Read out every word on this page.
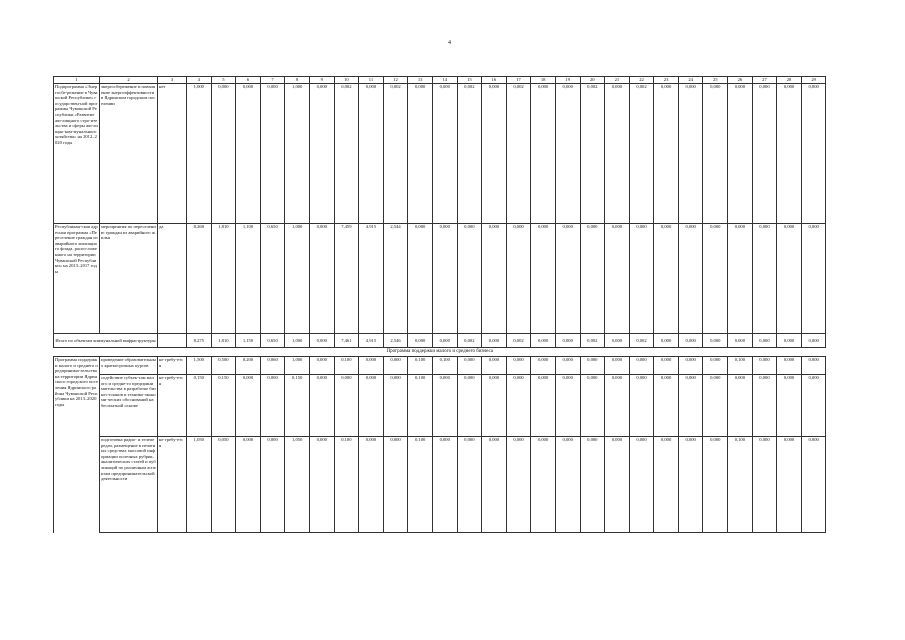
4
1	2	3	4	5	6	7	8	9	10	11	12	13	14	15	16	17	18	19	20	21	22	23	24	25	26	27	28	29
Подпрограмма «Энергосбе-режение в Чувашской Республике» государствен-ной программы Чувашской Республики «Развитие жи-лищного стро-ительства и сферы жи-лищно-ком-мунального хозяйства» на 2012–2020 годы	энергосбережение и повышение энергоэффективности в Ядринском городском поселении	нет	1,000	0,000	0,000	0,000	1,000	0,000	0,002	0,000	0,002	0,000	0,000	0,002	0,000	0,002	0,000	0,000	0,002	0,000	0,002	0,000	0,000	0,000	0,000	0,000	0,000	0,000
Республикан-ская адресная программа «Переселение граждан из аварийного жилищного фонда, распо-ложенного на территории Чувашской Республики» на 2013–2017 годы	мероприятия по переселению граждан из аварийного жилья	да	8,268	1,810	1,100	0,650	1,000	0,000	7,459	4,915	2,544	0,000	0,000	0,000	0,000	0,000	0,000	0,000	0,000	0,000	0,000	0,000	0,000	0,000	0,000	0,000	0,000	0,000
Итого по объектам коммунальной инфраструктуры			8,275	1,810	1,150	0,650	1,000	0,000	7,461	4,915	2,546	0,000	0,000	0,002	0,000	0,002	0,000	0,000	0,002	0,000	0,002	0,000	0,000	0,000	0,000	0,000	0,000	0,000
Программа поддержки малого и среднего бизнеса																												
Программа поддержки малого и среднего предпринима-тельства на территории Ядринского городского поселения Ядринского района Чувашской Республики на 2013–2020 годы	проведение образовательных краткосрочных курсов	не требу-ется	1,500	0,500	0,200	0,060	1,000	0,000	0,100	0,000	0,000	0,100	0,100	0,000	0,000	0,000	0,000	0,000	0,000	0,000	0,000	0,000	0,000	0,000	0,100	0,000	0,000	0,000
	содействие субъек-там малого и средне-го предпринимательства в разработке бизнес-планов и технико-экономи-ческих обоснований на бесплатной основе	не требу-ется	0,150	0,150	0,000	0,000	0,150	0,000	0,000	0,000	0,000	0,100	0,000	0,000	0,000	0,000	0,000	0,000	0,000	0,000	0,000	0,000	0,000	0,000	0,000	0,000	0,000	0,000
	подготовка радио- и телепередач, размещение в печатных средствах массовой информации полезных рубрик, аналитических статей и публикаций по различным аспектам предпринимательской деятельности	не требу-ется	1,050	0,050	0,000	0,000	1,050	0,000	0,100	0,000	0,000	0,100	0,000	0,000	0,000	0,000	0,000	0,000	0,000	0,000	0,000	0,000	0,000	0,000	0,100	0,000	0,000	0,000
